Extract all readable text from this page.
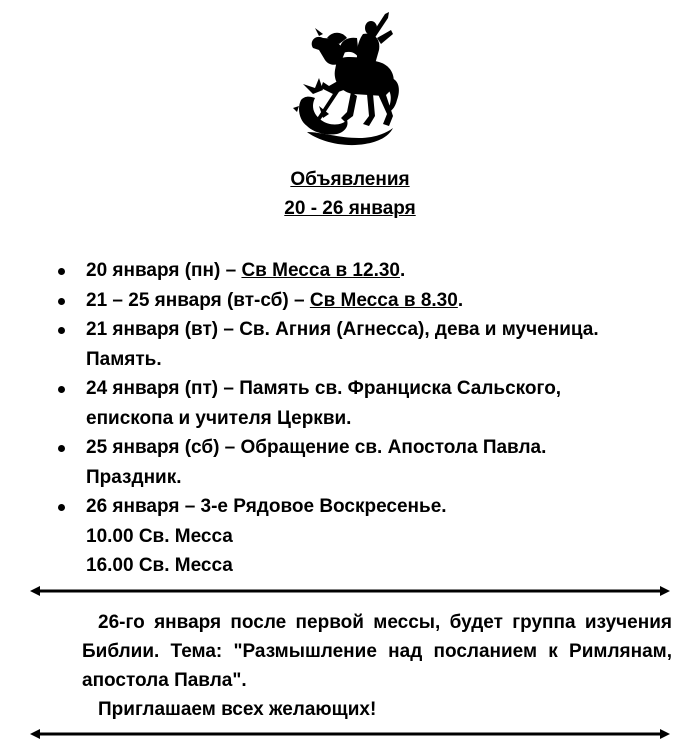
Объявления
20 - 26 января
20 января (пн) – Св Месса в 12.30.
21 – 25 января (вт-сб) – Св Месса в 8.30.
21 января (вт) – Св. Агния (Агнесса), дева и мученица.
Память.
24 января (пт) – Память св. Франциска Сальского,
епископа и учителя Церкви.
25 января (сб) – Обращение св. Апостола Павла.
Праздник.
26 января – 3-е Рядовое Воскресенье.
10.00 Св. Месса
16.00 Св. Месса
26-го января после первой мессы, будет группа изучения Библии. Тема: "Размышление над посланием к Римлянам, апостола Павла".
Приглашаем всех желающих!
